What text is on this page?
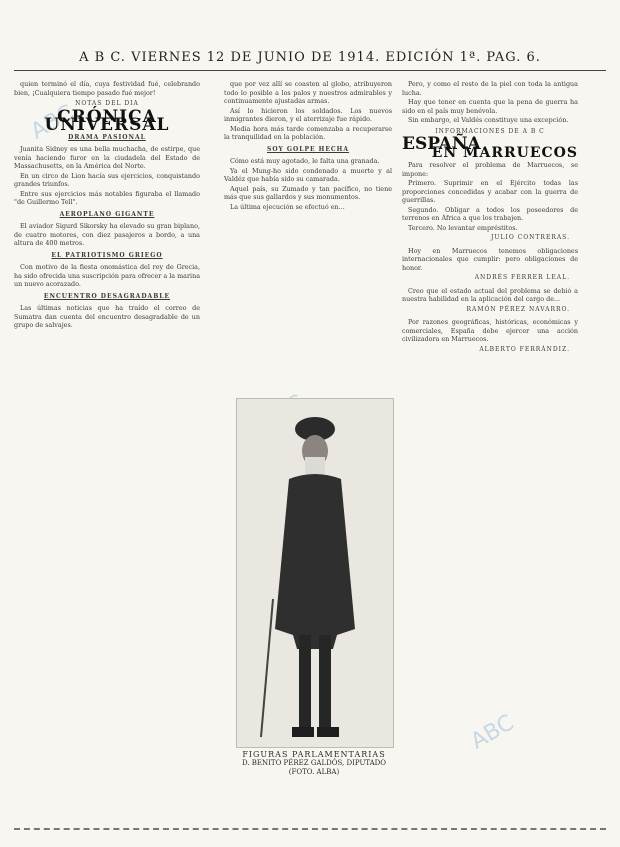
A B C. VIERNES 12 DE JUNIO DE 1914. EDICIÓN 1ª. PAG. 6.
ABC
ABC

quien terminó el día, cuya festividad fué, celebrando bien, ¡Cualquiera tiempo pasado fué mejor!

NOTAS DEL DIA
CRÓNICA UNIVERSAL
DRAMA PASIONAL

Juanita Sidney es una bella muchacha, de estirpe, que venía haciendo furor en la ciudadela del Estado de Massachusetts, en la América del Norte.

En un circo de Lion hacía sus ejercicios, conquistando grandes triunfos.

Entre sus ejercicios más notables figuraba el llamado "de Guillermo Tell".

AEROPLANO GIGANTE

El aviador Sigurd Sikorsky ha elevado su gran biplano, de cuatro motores, con diez pasajeros a bordo, a una altura de 400 metros.

EL PATRIOTISMO GRIEGO

Con motivo de la fiesta onomástica del rey de Grecia, ha sido ofrecida una suscripción para ofrecer a la marina un nuevo acorazado.

ENCUENTRO DESAGRADABLE

Las últimas noticias que ha traído el correo de Sumatra dan cuenta del encuentro desagradable de un grupo de salvajes.

que por vez allí se coasten al globo, atribuyeron todo lo posible a los palos y nuestros admirables y continuamente ajustadas armas.

Así lo hicieron los soldados. Los nuevos inmigrantes dieron, y el aterrizaje fue rápido.

Media hora más tarde comenzaba a recuperarse la tranquilidad en la población.

SOY GOLPE HECHA

Cómo está muy agotado, le falta una granada.

Ya el Mung-ho sido condenado a muerte y al Valdéz que había sido su camarada.

Aquel país, su Zumado y tan pacífico, no tiene más que sus gallardos y sus monumentos.

La última ejecución se efectuó en...

FIGURAS PARLAMENTARIAS
D. BENITO PÉREZ GALDÓS, DIPUTADO
(FOTO. ALBA)

Pero, y como el resto de la piel con toda la antigua lucha.

Hay que tener en cuenta que la pena de guerra ha sido en el país muy benévola.

Sin embargo, el Valdés constituye una excepción.

INFORMACIONES DE A B C
ESPAÑA
EN MARRUECOS

Para resolver el problema de Marruecos, se impone:

Primero. Suprimir en el Ejército todas las proporciones concedidas y acabar con la guerra de guerrillas.

Segundo. Obligar a todos los poseedores de terrenos en África a que los trabajen.

Tercero. No levantar empréstitos.

JULIO CONTRERAS.

Hoy en Marruecos tenemos obligaciones internacionales que cumplir: pero obligaciones de honor.

ANDRÉS FERRER LEAL.

Creo que el estado actual del problema se debió a nuestra habilidad en la aplicación del cargo de...

RAMÓN PÉREZ NAVARRO.

Por razones geográficas, históricas, económicas y comerciales, España debe ejercer una acción civilizadora en Marruecos.

ALBERTO FERRÁNDIZ.
